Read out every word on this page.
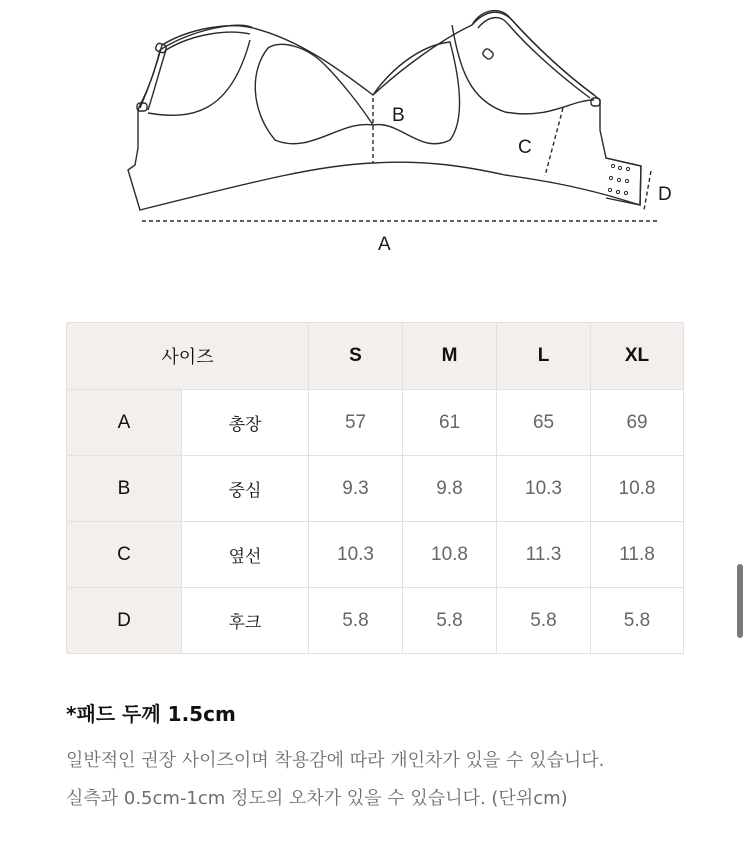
B
C
D
A
사이즈		S	M	L	XL
A	총장	57	61	65	69
B	중심	9.3	9.8	10.3	10.8
C	옆선	10.3	10.8	11.3	11.8
D	후크	5.8	5.8	5.8	5.8
*패드 두께 1.5cm
일반적인 권장 사이즈이며 착용감에 따라 개인차가 있을 수 있습니다.
실측과 0.5cm-1cm 정도의 오차가 있을 수 있습니다. (단위cm)
